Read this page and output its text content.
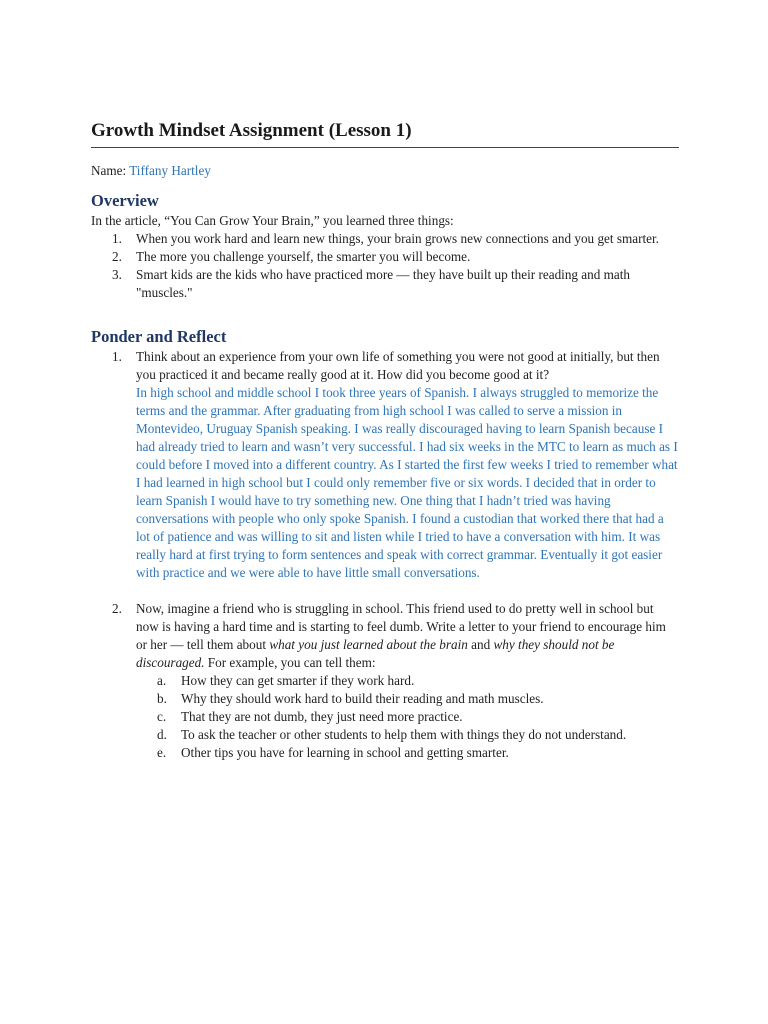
Growth Mindset Assignment (Lesson 1)
Name: Tiffany Hartley
Overview
In the article, “You Can Grow Your Brain,” you learned three things:
1. When you work hard and learn new things, your brain grows new connections and you get smarter.
2. The more you challenge yourself, the smarter you will become.
3. Smart kids are the kids who have practiced more — they have built up their reading and math "muscles."
Ponder and Reflect
1. Think about an experience from your own life of something you were not good at initially, but then you practiced it and became really good at it. How did you become good at it?
In high school and middle school I took three years of Spanish. I always struggled to memorize the terms and the grammar. After graduating from high school I was called to serve a mission in Montevideo, Uruguay Spanish speaking. I was really discouraged having to learn Spanish because I had already tried to learn and wasn’t very successful. I had six weeks in the MTC to learn as much as I could before I moved into a different country. As I started the first few weeks I tried to remember what I had learned in high school but I could only remember five or six words. I decided that in order to learn Spanish I would have to try something new. One thing that I hadn’t tried was having conversations with people who only spoke Spanish. I found a custodian that worked there that had a lot of patience and was willing to sit and listen while I tried to have a conversation with him. It was really hard at first trying to form sentences and speak with correct grammar. Eventually it got easier with practice and we were able to have little small conversations.
2. Now, imagine a friend who is struggling in school. This friend used to do pretty well in school but now is having a hard time and is starting to feel dumb. Write a letter to your friend to encourage him or her — tell them about what you just learned about the brain and why they should not be discouraged. For example, you can tell them:
a. How they can get smarter if they work hard.
b. Why they should work hard to build their reading and math muscles.
c. That they are not dumb, they just need more practice.
d. To ask the teacher or other students to help them with things they do not understand.
e. Other tips you have for learning in school and getting smarter.
